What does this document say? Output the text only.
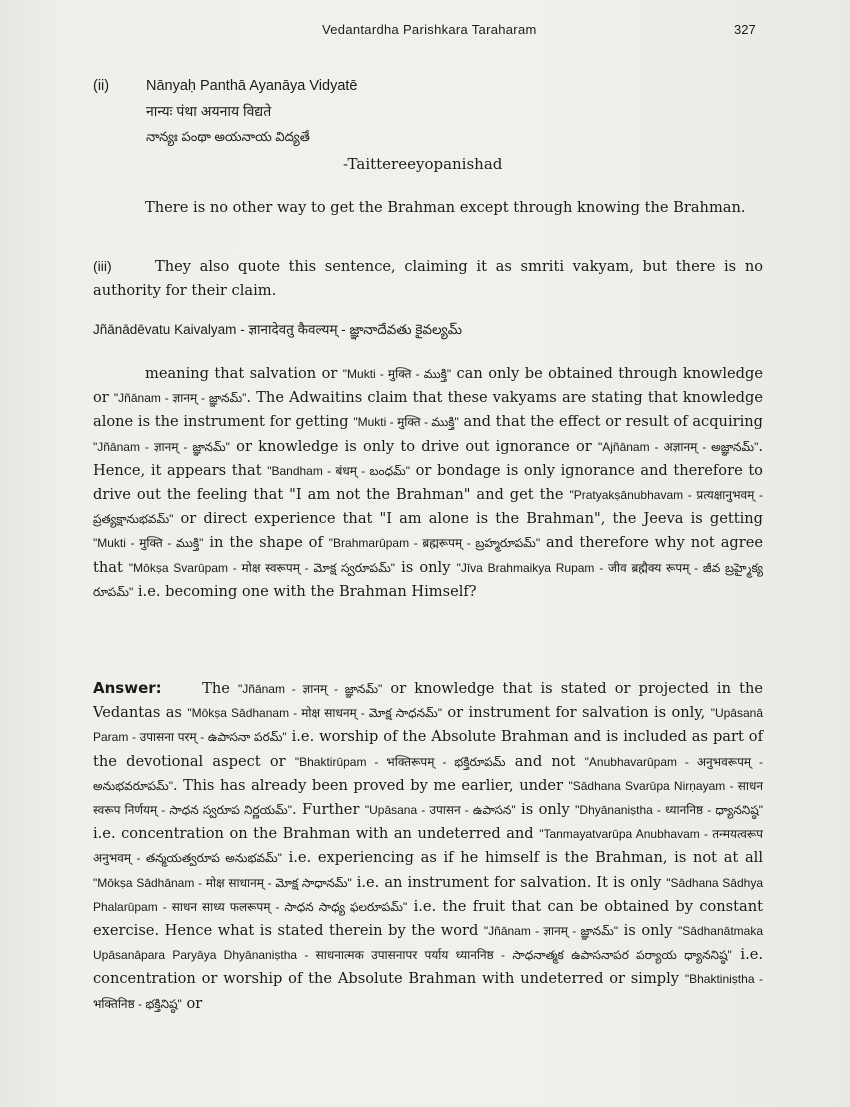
Vedantardha Parishkara Taraharam	327
(ii)	Nānyaḥ Panthā Ayanāya Vidyatē
नान्यः पंथा अयनाय विद्यते
నాన్యః పంథా అయనాయ విద్యతే
-Taittereeyopanishad

There is no other way to get the Brahman except through knowing the Brahman.

(iii)	They also quote this sentence, claiming it as smriti vakyam, but there is no authority for their claim.

Jñānādēvatu Kaivalyam - ज्ञानादेवतु कैवल्यम् - జ్ఞానాదేవతు కైవల్యమ్

meaning that salvation or "Mukti - मुक्ति - ముక్తి" can only be obtained through knowledge or "Jñānam - ज्ञानम् - జ్ఞానమ్". The Adwaitins claim that these vakyams are stating that knowledge alone is the instrument for getting "Mukti - मुक्ति - ముక్తి" and that the effect or result of acquiring "Jñānam - ज्ञानम् - జ్ఞానమ్" or knowledge is only to drive out ignorance or "Ajñānam - अज्ञानम् - అజ్ఞానమ్". Hence, it appears that "Bandham - बंधम् - బంధమ్" or bondage is only ignorance and therefore to drive out the feeling that "I am not the Brahman" and get the "Pratyakṣānubhavam - प्रत्यक्षानुभवम् - ప్రత్యక్షానుభవమ్" or direct experience that "I am alone is the Brahman", the Jeeva is getting "Mukti - मुक्ति - ముక్తి" in the shape of "Brahmarūpam - ब्रह्मरूपम् - బ్రహ్మరూపమ్" and therefore why not agree that "Mōkṣa Svarūpam - मोक्ष स्वरूपम् - మోక్ష స్వరూపమ్" is only "Jīva Brahmaikya Rupam - जीव ब्रह्मैक्य रूपम् - జీవ బ్రహ్మైక్య రూపమ్" i.e. becoming one with the Brahman Himself?

Answer:     The "Jñānam - ज्ञानम् - జ్ఞానమ్" or knowledge that is stated or projected in the Vedantas as "Mōkṣa Sādhanam - मोक्ष साधनम् - మోక్ష సాధనమ్" or instrument for salvation is only, "Upāsanā Param - उपासना परम् - ఉపాసనా పరమ్" i.e. worship of the Absolute Brahman and is included as part of the devotional aspect or "Bhaktirūpam - भक्तिरूपम् - భక్తిరూపమ్ and not "Anubhavarūpam - अनुभवरूपम् - అనుభవరూపమ్". This has already been proved by me earlier, under "Sādhana Svarūpa Nirṇayam - साधन स्वरूप निर्णयम् - సాధన స్వరూప నిర్ణయమ్". Further "Upāsana - उपासन - ఉపాసన" is only "Dhyānaniṣtha - ध्याननिष्ठ - ధ్యాననిష్ఠ" i.e. concentration on the Brahman with an undeterred and "Tanmayatvarūpa Anubhavam - तन्मयत्वरूप अनुभवम् - తన్మయత్వరూప అనుభవమ్" i.e. experiencing as if he himself is the Brahman, is not at all "Mōkṣa Sādhānam - मोक्ष साधानम् - మోక్ష సాధానమ్" i.e. an instrument for salvation. It is only "Sādhana Sādhya Phalarūpam - साधन साध्य फलरूपम् - సాధన సాధ్య ఫలరూపమ్" i.e. the fruit that can be obtained by constant exercise. Hence what is stated therein by the word "Jñānam - ज्ञानम् - జ్ఞానమ్" is only "Sādhanātmaka Upāsanāpara Paryāya Dhyānaniṣtha - साधनात्मक उपासनापर पर्याय ध्याननिष्ठ - సాధనాత్మక ఉపాసనాపర పర్యాయ ధ్యాననిష్ఠ" i.e. concentration or worship of the Absolute Brahman with undeterred or simply "Bhaktiniṣtha - भक्तिनिष्ठ - భక్తినిష్ఠ" or
